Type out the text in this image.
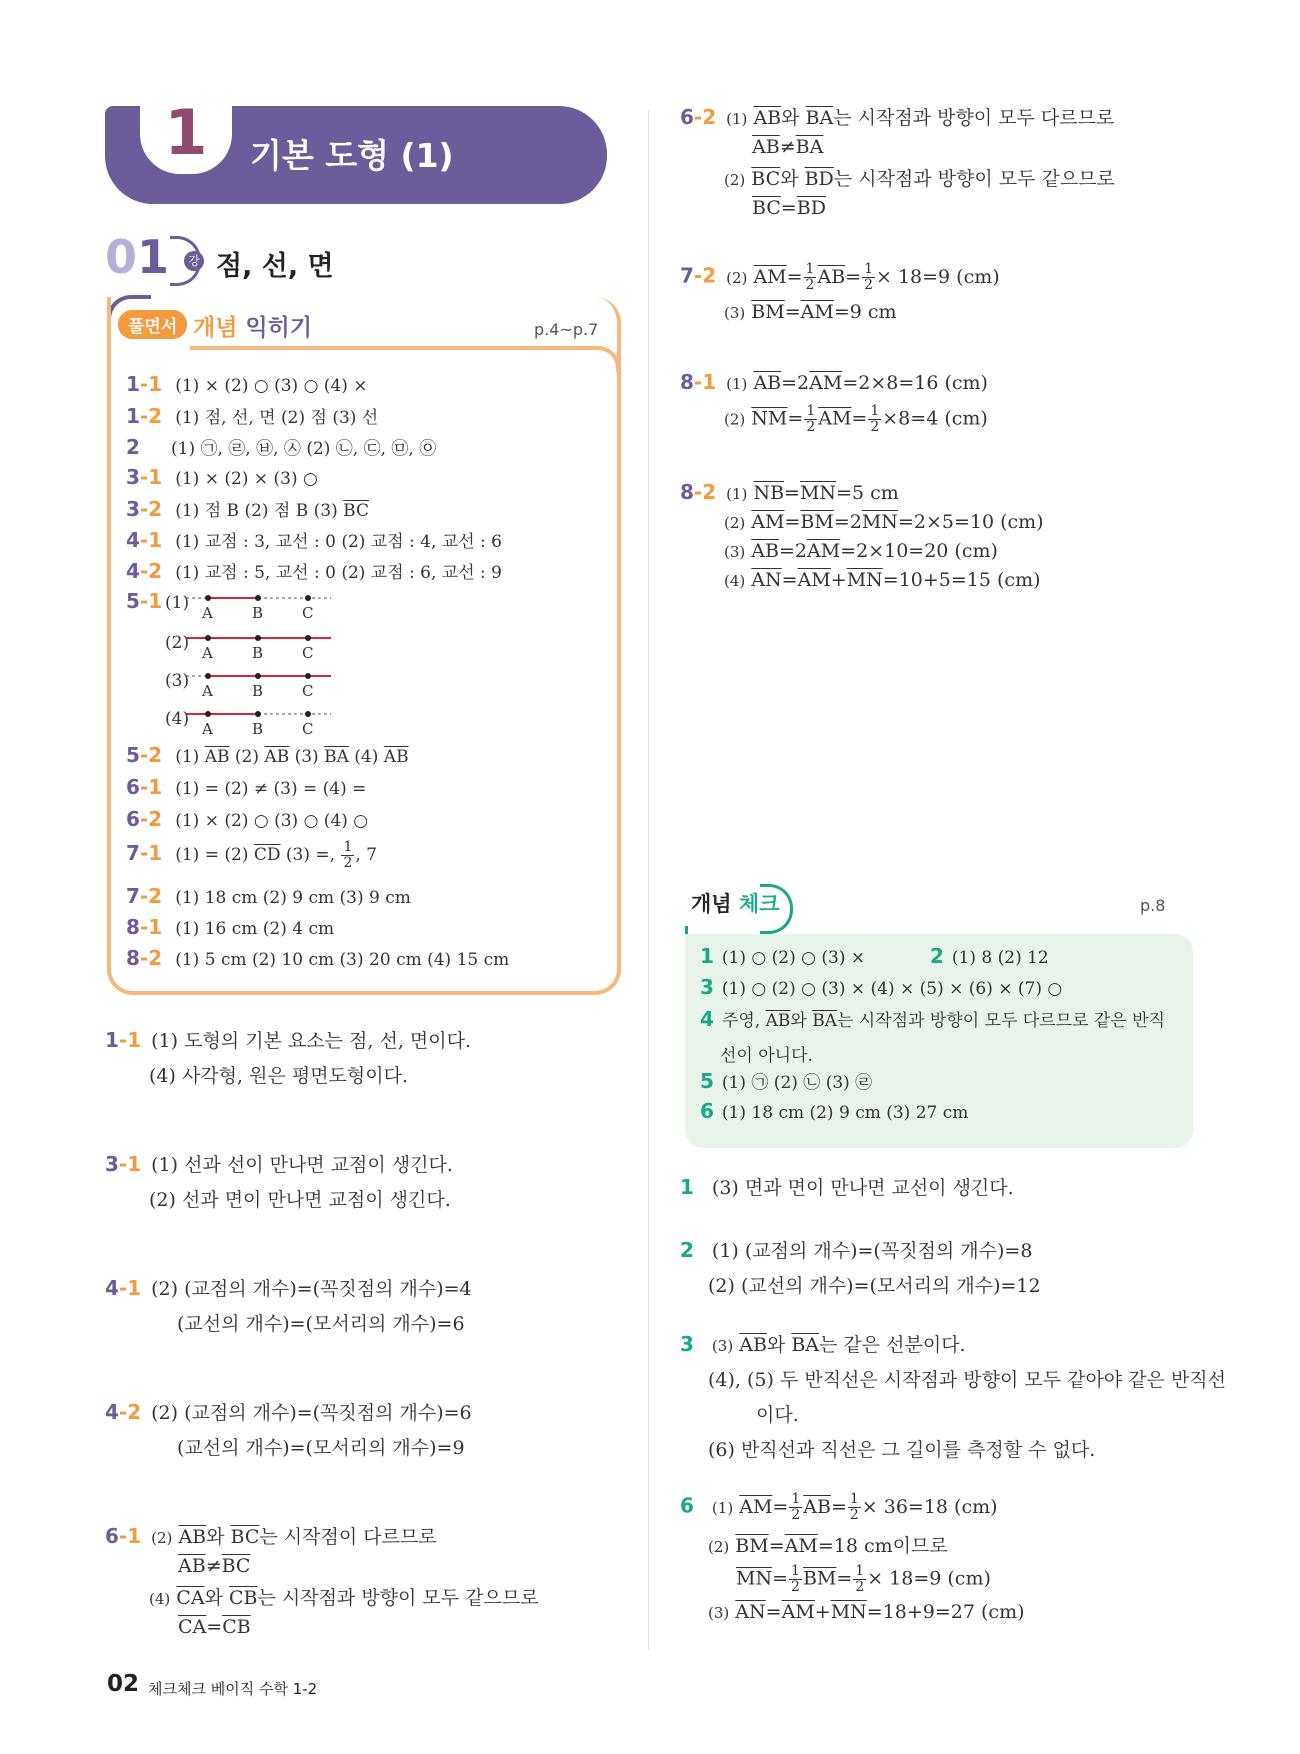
1	기본 도형 (1)
01	강 점, 선, 면
풀면서 개념 익히기	p.4~p.7
1-1 (1) × (2) ○ (3) ○ (4) ×
1-2 (1) 점, 선, 면 (2) 점 (3) 선
2 (1) ㉠, ㉣, ㉥, ㉦ (2) ㉡, ㉢, ㉤, ㉧
3-1 (1) × (2) × (3) ○
3-2 (1) 점 B (2) 점 B (3) $\overline{BC}$
4-1 (1) 교점 : 3, 교선 : 0 (2) 교점 : 4, 교선 : 6
4-2 (1) 교점 : 5, 교선 : 0 (2) 교점 : 6, 교선 : 9
5-1 (1) A	B	C
(2) A	B	C
(3) A	B	C
(4) A	B	C
5-2 (1) $\overline{AB}$ (2) $\overline{AB}$ (3) $\overline{BA}$ (4) $\overline{AB}$
6-1 (1) = (2) ≠ (3) = (4) =
6-2 (1) × (2) ○ (3) ○ (4) ○
7-1 (1) = (2) $\overline{CD}$ (3) =, $\frac{1}{2}$ , 7
7-2 (1) 18 cm (2) 9 cm (3) 9 cm
8-1 (1) 16 cm (2) 4 cm
8-2 (1) 5 cm (2) 10 cm (3) 20 cm (4) 15 cm
1-1 (1) 도형의 기본 요소는 점, 선, 면이다.
(4) 사각형, 원은 평면도형이다.
3-1 (1) 선과 선이 만나면 교점이 생긴다.
(2) 선과 면이 만나면 교점이 생긴다.
4-1 (2) (교점의 개수)=(꼭짓점의 개수)=4
(교선의 개수)=(모서리의 개수)=6
4-2 (2) (교점의 개수)=(꼭짓점의 개수)=6
(교선의 개수)=(모서리의 개수)=9
6-1 (2) $\overline{AB}$와 $\overline{BC}$는 시작점이 다르므로
$\overline{AB}\ne\overline{BC}$
(4) $\overline{CA}$와 $\overline{CB}$는 시작점과 방향이 모두 같으므로
$\overline{CA}=\overline{CB}$
6-2 (1) $\overline{AB}$와 $\overline{BA}$는 시작점과 방향이 모두 다르므로
$\overline{AB}\ne\overline{BA}$
(2) $\overline{BC}$와 $\overline{BD}$는 시작점과 방향이 모두 같으므로
$\overline{BC}=\overline{BD}$
7-2 (2) $\overline{AM}= \frac{1}{2} \overline{AB}= \frac{1}{2} \times 18=9$ (cm)
(3) $\overline{BM}=\overline{AM}=9$ cm
8-1 (1) $\overline{AB}=2\overline{AM}=2\times 8=16$ (cm)
(2) $\overline{NM}= \frac{1}{2} \overline{AM}= \frac{1}{2} \times 8=4$ (cm)
8-2 (1) $\overline{NB}=\overline{MN}=5$ cm
(2) $\overline{AM}=\overline{BM}=2\overline{MN}=2\times 5=10$ (cm)
(3) $\overline{AB}=2\overline{AM}=2\times 10=20$ (cm)
(4) $\overline{AN}=\overline{AM}+\overline{MN}=10+5=15$ (cm)
개념 체크	p.8
1 (1) ○ (2) ○ (3) ×	2 (1) 8 (2) 12
3 (1) ○ (2) ○ (3) × (4) × (5) × (6) × (7) ○
4 주영, $\overline{AB}$와 $\overline{BA}$는 시작점과 방향이 모두 다르므로 같은 반직
선이 아니다.
5 (1) ㉠ (2) ㉡ (3) ㉣
6 (1) 18 cm (2) 9 cm (3) 27 cm
1 (3) 면과 면이 만나면 교선이 생긴다.
2 (1) (교점의 개수)=(꼭짓점의 개수)=8
(2) (교선의 개수)=(모서리의 개수)=12
3 (3) $\overline{AB}$와 $\overline{BA}$는 같은 선분이다.
(4), (5) 두 반직선은 시작점과 방향이 모두 같아야 같은 반직선
이다.
(6) 반직선과 직선은 그 길이를 측정할 수 없다.
6 (1) $\overline{AM}= \frac{1}{2} \overline{AB}= \frac{1}{2} \times 36=18$ (cm)
(2) $\overline{BM}=\overline{AM}=18$ cm이므로
$\overline{MN}= \frac{1}{2} \overline{BM}= \frac{1}{2} \times 18=9$ (cm)
(3) $\overline{AN}=\overline{AM}+\overline{MN}=18+9=27$ (cm)
02 체크체크 베이직 수학 1-2
